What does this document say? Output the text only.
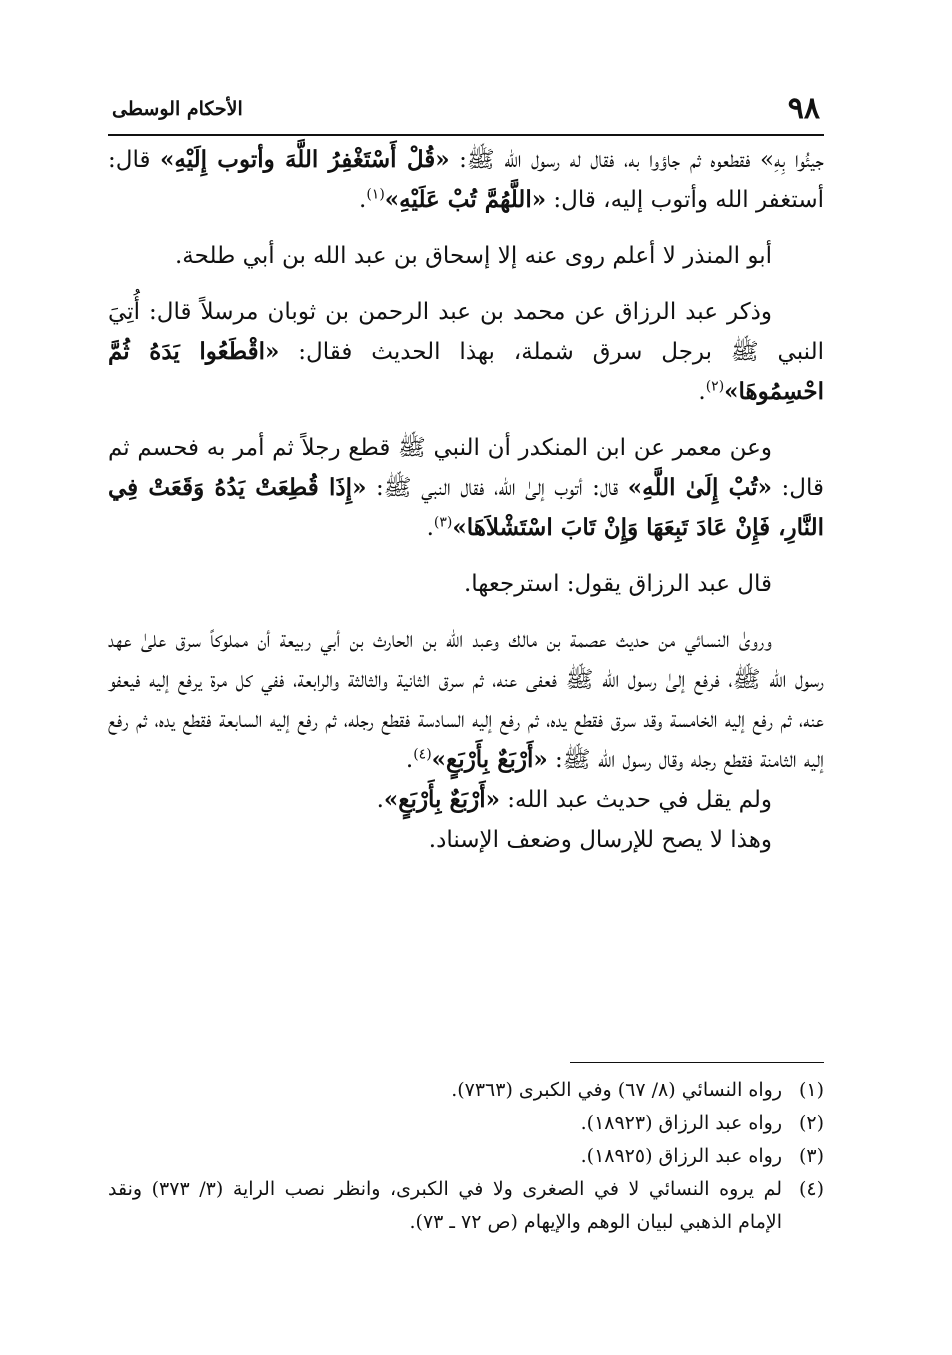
٩٨
الأحكام الوسطى

جيئُوا بِهِ» فقطعوه ثم جاؤوا به، فقال له رسول الله ﷺ: «قُلْ أَسْتَغْفِرُ اللَّهَ وأتوب إِلَيْهِ» قال: أستغفر الله وأتوب إليه، قال: «اللَّهُمَّ تُبْ عَلَيْهِ»$^{(١)}$.

أبو المنذر لا أعلم روى عنه إلا إسحاق بن عبد الله بن أبي طلحة.

وذكر عبد الرزاق عن محمد بن عبد الرحمن بن ثوبان مرسلاً قال: أُتِيَ النبي ﷺ برجل سرق شملة، بهذا الحديث فقال: «اقْطَعُوا يَدَهُ ثُمَّ احْسِمُوهَا»$^{(٢)}$.

وعن معمر عن ابن المنكدر أن النبي ﷺ قطع رجلاً ثم أمر به فحسم ثم قال: «تُبْ إِلَىٰ اللَّهِ» قال: أتوب إلىٰ الله، فقال النبي ﷺ: «إِذَا قُطِعَتْ يَدُهُ وَقَعَتْ فِي النَّارِ، فَإِنْ عَادَ تَبِعَهَا وَإِنْ تَابَ اسْتَشْلاَهَا»$^{(٣)}$.

قال عبد الرزاق يقول: استرجعها.

وروىٰ النسائي من حديث عصمة بن مالك وعبد الله بن الحارث بن أبي ربيعة أن مملوكاً سرق علىٰ عهد رسول الله ﷺ، فرفع إلىٰ رسول الله ﷺ فعفى عنه، ثم سرق الثانية والثالثة والرابعة، ففي كل مرة يرفع إليه فيعفو عنه، ثم رفع إليه الخامسة وقد سرق فقطع يده، ثم رفع إليه السادسة فقطع رجله، ثم رفع إليه السابعة فقطع يده، ثم رفع إليه الثامنة فقطع رجله وقال رسول الله ﷺ: «أَرْبَعٌ بِأَرْبَعٍ»$^{(٤)}$.

ولم يقل في حديث عبد الله: «أَرْبَعٌ بِأَرْبَعٍ».

وهذا لا يصح للإرسال وضعف الإسناد.

(١)
رواه النسائي (٨/ ٦٧) وفي الكبرى (٧٣٦٣).
(٢)
رواه عبد الرزاق (١٨٩٢٣).
(٣)
رواه عبد الرزاق (١٨٩٢٥).
(٤)
لم يروه النسائي لا في الصغرى ولا في الكبرى، وانظر نصب الراية (٣/ ٣٧٣) ونقد الإمام الذهبي لبيان الوهم والإيهام (ص ٧٢ ـ ٧٣).
